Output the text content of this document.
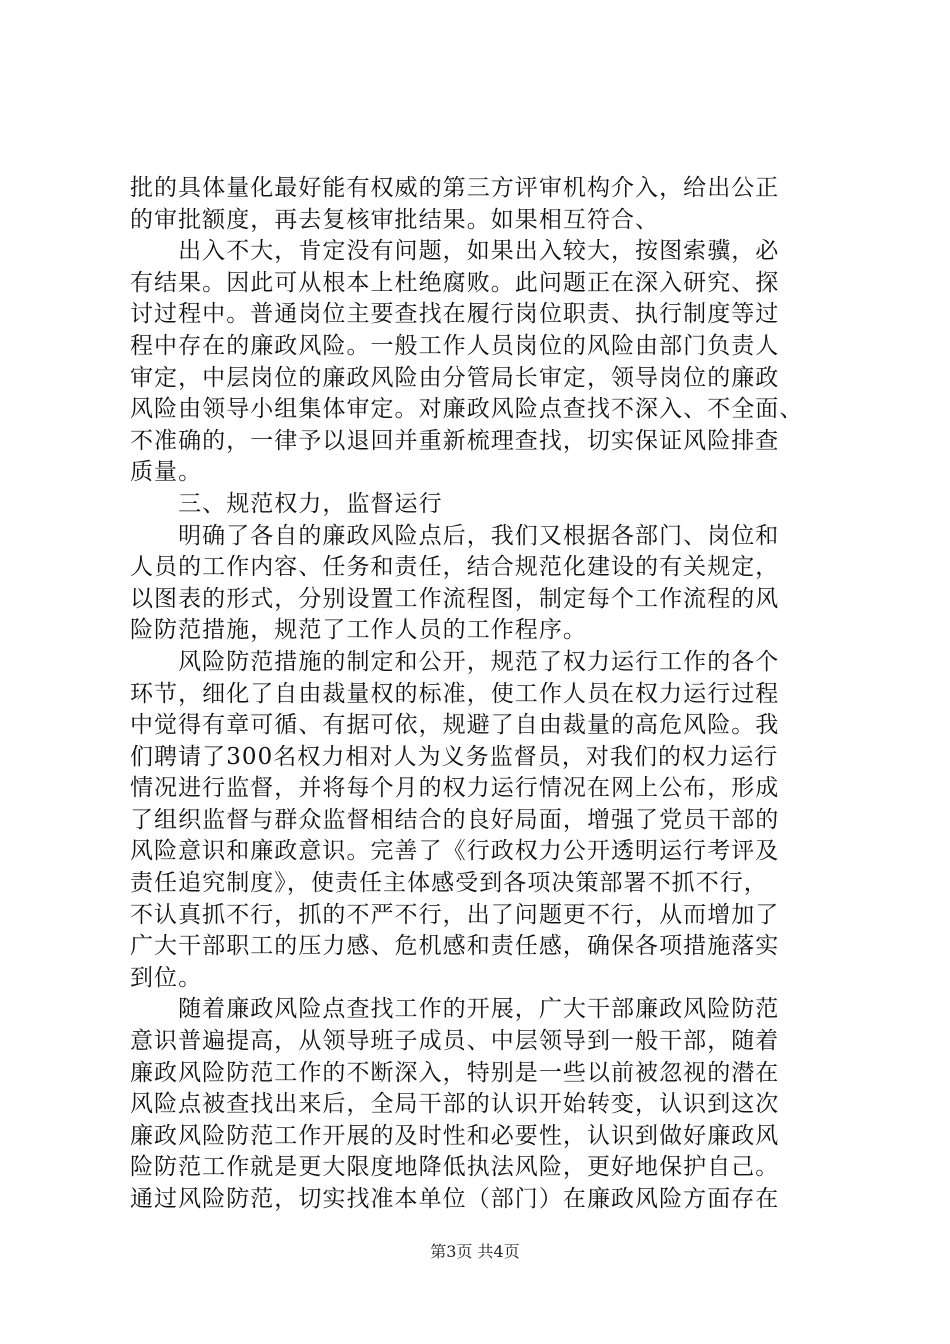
批的具体量化最好能有权威的第三方评审机构介入，给出公正
的审批额度，再去复核审批结果。如果相互符合、
　　出入不大，肯定没有问题，如果出入较大，按图索骥，必
有结果。因此可从根本上杜绝腐败。此问题正在深入研究、探
讨过程中。普通岗位主要查找在履行岗位职责、执行制度等过
程中存在的廉政风险。一般工作人员岗位的风险由部门负责人
审定，中层岗位的廉政风险由分管局长审定，领导岗位的廉政
风险由领导小组集体审定。对廉政风险点查找不深入、不全面、
不准确的，一律予以退回并重新梳理查找，切实保证风险排查
质量。
　　三、规范权力，监督运行
　　明确了各自的廉政风险点后，我们又根据各部门、岗位和
人员的工作内容、任务和责任，结合规范化建设的有关规定，
以图表的形式，分别设置工作流程图，制定每个工作流程的风
险防范措施，规范了工作人员的工作程序。
　　风险防范措施的制定和公开，规范了权力运行工作的各个
环节，细化了自由裁量权的标准，使工作人员在权力运行过程
中觉得有章可循、有据可依，规避了自由裁量的高危风险。我
们聘请了300名权力相对人为义务监督员，对我们的权力运行
情况进行监督，并将每个月的权力运行情况在网上公布，形成
了组织监督与群众监督相结合的良好局面，增强了党员干部的
风险意识和廉政意识。完善了《行政权力公开透明运行考评及
责任追究制度》，使责任主体感受到各项决策部署不抓不行，
不认真抓不行，抓的不严不行，出了问题更不行，从而增加了
广大干部职工的压力感、危机感和责任感，确保各项措施落实
到位。
　　随着廉政风险点查找工作的开展，广大干部廉政风险防范
意识普遍提高，从领导班子成员、中层领导到一般干部，随着
廉政风险防范工作的不断深入，特别是一些以前被忽视的潜在
风险点被查找出来后，全局干部的认识开始转变，认识到这次
廉政风险防范工作开展的及时性和必要性，认识到做好廉政风
险防范工作就是更大限度地降低执法风险，更好地保护自己。
通过风险防范，切实找准本单位（部门）在廉政风险方面存在
第3页 共4页
